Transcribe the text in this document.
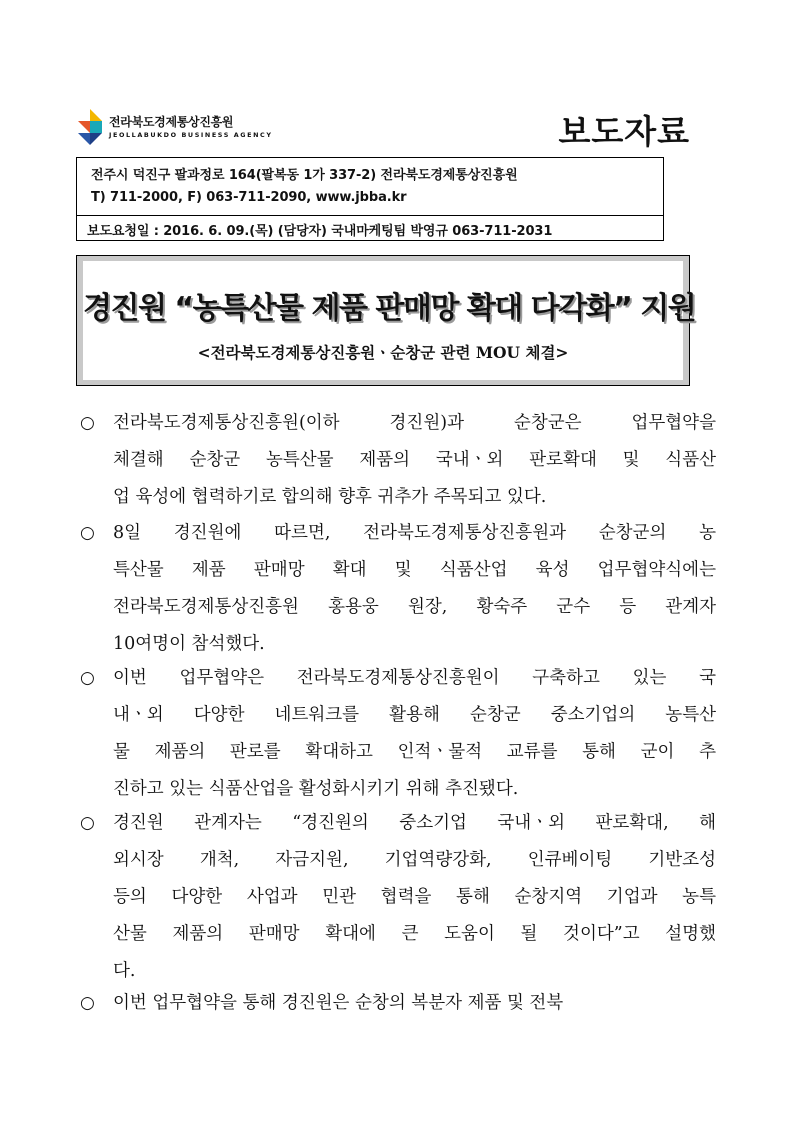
전라북도경제통상진흥원
JEOLLABUKDO BUSINESS AGENCY	보도자료
전주시 덕진구 팔과정로 164(팔복동 1가 337-2) 전라북도경제통상진흥원
T) 711-2000, F) 063-711-2090, www.jbba.kr
보도요청일 : 2016. 6. 09.(목) (담당자) 국내마케팅팀 박영규 063-711-2031
경진원 “농특산물 제품 판매망 확대 다각화” 지원
<전라북도경제통상진흥원ㆍ순창군 관련 MOU 체결>
○ 전라북도경제통상진흥원(이하 경진원)과 순창군은 업무협약을
체결해 순창군 농특산물 제품의 국내ㆍ외 판로확대 및 식품산
업 육성에 협력하기로 합의해 향후 귀추가 주목되고 있다.
○ 8일 경진원에 따르면, 전라북도경제통상진흥원과 순창군의 농
특산물 제품 판매망 확대 및 식품산업 육성 업무협약식에는
전라북도경제통상진흥원 홍용웅 원장, 황숙주 군수 등 관계자
10여명이 참석했다.
○ 이번 업무협약은 전라북도경제통상진흥원이 구축하고 있는 국
내ㆍ외 다양한 네트워크를 활용해 순창군 중소기업의 농특산
물 제품의 판로를 확대하고 인적ㆍ물적 교류를 통해 군이 추
진하고 있는 식품산업을 활성화시키기 위해 추진됐다.
○ 경진원 관계자는 “경진원의 중소기업 국내ㆍ외 판로확대, 해
외시장 개척, 자금지원, 기업역량강화, 인큐베이팅 기반조성
등의 다양한 사업과 민관 협력을 통해 순창지역 기업과 농특
산물 제품의 판매망 확대에 큰 도움이 될 것이다”고 설명했
다.
○ 이번 업무협약을 통해 경진원은 순창의 복분자 제품 및 전북
